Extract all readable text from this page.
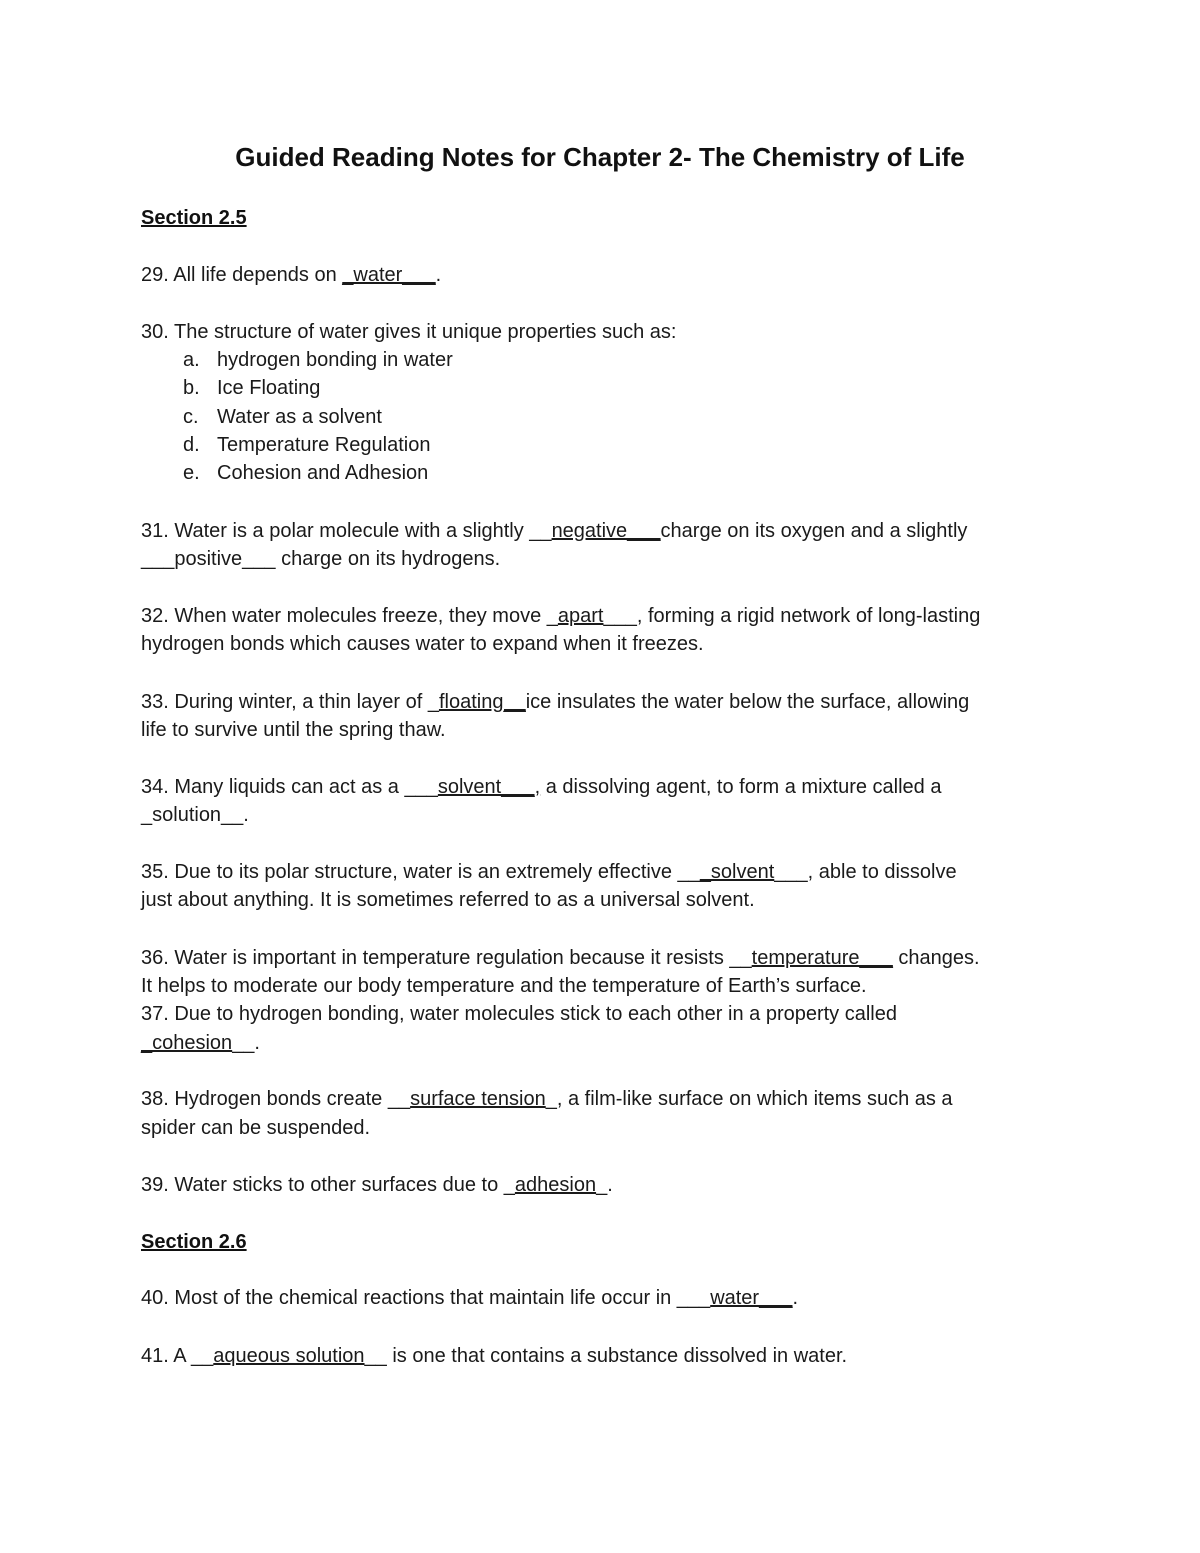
Guided Reading Notes for Chapter 2- The Chemistry of Life
Section 2.5
29. All life depends on _water___.
30. The structure of water gives it unique properties such as:
a. hydrogen bonding in water
b. Ice Floating
c. Water as a solvent
d. Temperature Regulation
e. Cohesion and Adhesion
31. Water is a polar molecule with a slightly __negative___charge on its oxygen and a slightly
___positive___ charge on its hydrogens.
32. When water molecules freeze, they move _apart___, forming a rigid network of long-lasting
hydrogen bonds which causes water to expand when it freezes.
33. During winter, a thin layer of _floating__ice insulates the water below the surface, allowing
life to survive until the spring thaw.
34. Many liquids can act as a ___solvent___, a dissolving agent, to form a mixture called a
_solution__.
35. Due to its polar structure, water is an extremely effective ___solvent___, able to dissolve
just about anything. It is sometimes referred to as a universal solvent.
36. Water is important in temperature regulation because it resists __temperature___ changes.
It helps to moderate our body temperature and the temperature of Earth’s surface.
37. Due to hydrogen bonding, water molecules stick to each other in a property called
_cohesion__.
38. Hydrogen bonds create __surface tension_, a film-like surface on which items such as a
spider can be suspended.
39. Water sticks to other surfaces due to _adhesion_.
Section 2.6
40. Most of the chemical reactions that maintain life occur in ___water___.
41. A __aqueous solution__ is one that contains a substance dissolved in water.
